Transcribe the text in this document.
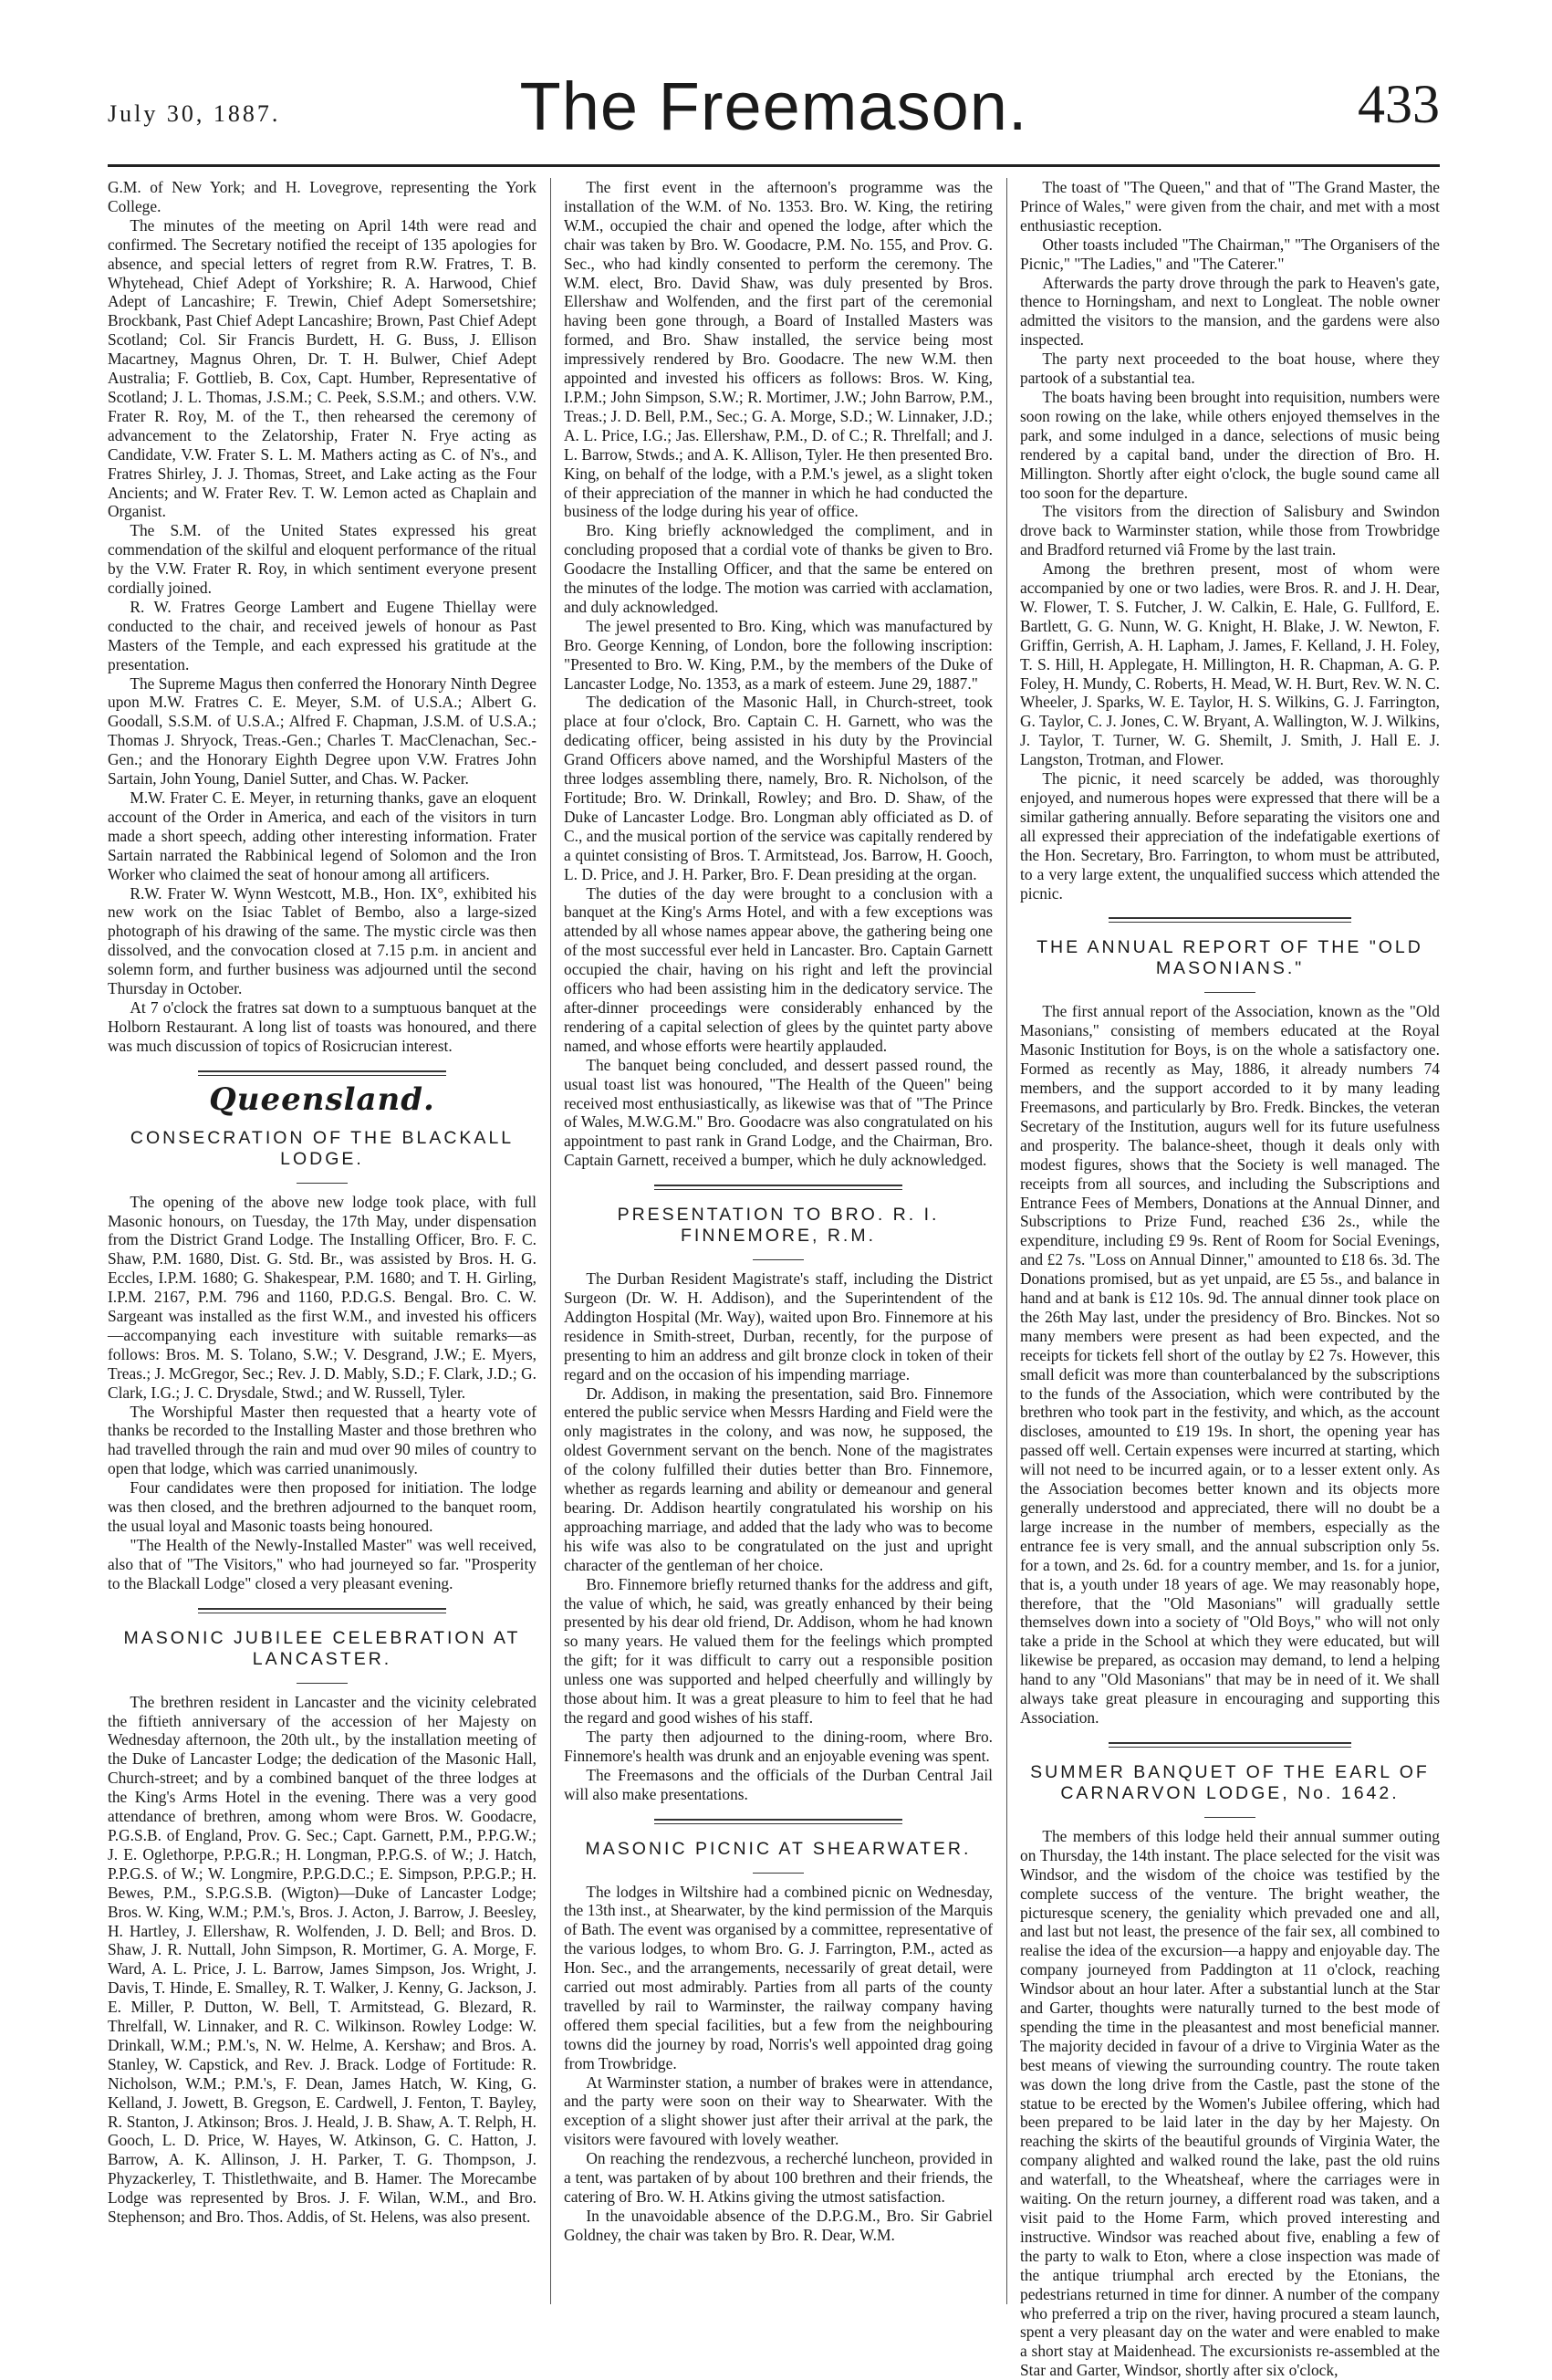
July 30, 1887.	The Freemason.	433

G.M. of New York; and H. Lovegrove, representing the York College.

The minutes of the meeting on April 14th were read and confirmed. The Secretary notified the receipt of 135 apologies for absence, and special letters of regret from R.W. Fratres, T. B. Whytehead, Chief Adept of Yorkshire; R. A. Harwood, Chief Adept of Lancashire; F. Trewin, Chief Adept Somersetshire; Brockbank, Past Chief Adept Lancashire; Brown, Past Chief Adept Scotland; Col. Sir Francis Burdett, H. G. Buss, J. Ellison Macartney, Magnus Ohren, Dr. T. H. Bulwer, Chief Adept Australia; F. Gottlieb, B. Cox, Capt. Humber, Representative of Scotland; J. L. Thomas, J.S.M.; C. Peek, S.S.M.; and others. V.W. Frater R. Roy, M. of the T., then rehearsed the ceremony of advancement to the Zelatorship, Frater N. Frye acting as Candidate, V.W. Frater S. L. M. Mathers acting as C. of N's., and Fratres Shirley, J. J. Thomas, Street, and Lake acting as the Four Ancients; and W. Frater Rev. T. W. Lemon acted as Chaplain and Organist.

The S.M. of the United States expressed his great commendation of the skilful and eloquent performance of the ritual by the V.W. Frater R. Roy, in which sentiment everyone present cordially joined.

R. W. Fratres George Lambert and Eugene Thiellay were conducted to the chair, and received jewels of honour as Past Masters of the Temple, and each expressed his gratitude at the presentation.

The Supreme Magus then conferred the Honorary Ninth Degree upon M.W. Fratres C. E. Meyer, S.M. of U.S.A.; Albert G. Goodall, S.S.M. of U.S.A.; Alfred F. Chapman, J.S.M. of U.S.A.; Thomas J. Shryock, Treas.-Gen.; Charles T. MacClenachan, Sec.-Gen.; and the Honorary Eighth Degree upon V.W. Fratres John Sartain, John Young, Daniel Sutter, and Chas. W. Packer.

M.W. Frater C. E. Meyer, in returning thanks, gave an eloquent account of the Order in America, and each of the visitors in turn made a short speech, adding other interesting information. Frater Sartain narrated the Rabbinical legend of Solomon and the Iron Worker who claimed the seat of honour among all artificers.

R.W. Frater W. Wynn Westcott, M.B., Hon. IX°, exhibited his new work on the Isiac Tablet of Bembo, also a large-sized photograph of his drawing of the same. The mystic circle was then dissolved, and the convocation closed at 7.15 p.m. in ancient and solemn form, and further business was adjourned until the second Thursday in October.

At 7 o'clock the fratres sat down to a sumptuous banquet at the Holborn Restaurant. A long list of toasts was honoured, and there was much discussion of topics of Rosicrucian interest.

Queensland.
CONSECRATION OF THE BLACKALL LODGE.

The opening of the above new lodge took place, with full Masonic honours, on Tuesday, the 17th May, under dispensation from the District Grand Lodge. The Installing Officer, Bro. F. C. Shaw, P.M. 1680, Dist. G. Std. Br., was assisted by Bros. H. G. Eccles, I.P.M. 1680; G. Shakespear, P.M. 1680; and T. H. Girling, I.P.M. 2167, P.M. 796 and 1160, P.D.G.S. Bengal. Bro. C. W. Sargeant was installed as the first W.M., and invested his officers—accompanying each investiture with suitable remarks—as follows: Bros. M. S. Tolano, S.W.; V. Desgrand, J.W.; E. Myers, Treas.; J. McGregor, Sec.; Rev. J. D. Mably, S.D.; F. Clark, J.D.; G. Clark, I.G.; J. C. Drysdale, Stwd.; and W. Russell, Tyler.

The Worshipful Master then requested that a hearty vote of thanks be recorded to the Installing Master and those brethren who had travelled through the rain and mud over 90 miles of country to open that lodge, which was carried unanimously.

Four candidates were then proposed for initiation. The lodge was then closed, and the brethren adjourned to the banquet room, the usual loyal and Masonic toasts being honoured.

"The Health of the Newly-Installed Master" was well received, also that of "The Visitors," who had journeyed so far. "Prosperity to the Blackall Lodge" closed a very pleasant evening.

MASONIC JUBILEE CELEBRATION AT LANCASTER.

The brethren resident in Lancaster and the vicinity celebrated the fiftieth anniversary of the accession of her Majesty on Wednesday afternoon, the 20th ult., by the installation meeting of the Duke of Lancaster Lodge; the dedication of the Masonic Hall, Church-street; and by a combined banquet of the three lodges at the King's Arms Hotel in the evening. There was a very good attendance of brethren, among whom were Bros. W. Goodacre, P.G.S.B. of England, Prov. G. Sec.; Capt. Garnett, P.M., P.P.G.W.; J. E. Oglethorpe, P.P.G.R.; H. Longman, P.P.G.S. of W.; J. Hatch, P.P.G.S. of W.; W. Longmire, P.P.G.D.C.; E. Simpson, P.P.G.P.; H. Bewes, P.M., S.P.G.S.B. (Wigton)—Duke of Lancaster Lodge; Bros. W. King, W.M.; P.M.'s, Bros. J. Acton, J. Barrow, J. Beesley, H. Hartley, J. Ellershaw, R. Wolfenden, J. D. Bell; and Bros. D. Shaw, J. R. Nuttall, John Simpson, R. Mortimer, G. A. Morge, F. Ward, A. L. Price, J. L. Barrow, James Simpson, Jos. Wright, J. Davis, T. Hinde, E. Smalley, R. T. Walker, J. Kenny, G. Jackson, J. E. Miller, P. Dutton, W. Bell, T. Armitstead, G. Blezard, R. Threlfall, W. Linnaker, and R. C. Wilkinson. Rowley Lodge: W. Drinkall, W.M.; P.M.'s, N. W. Helme, A. Kershaw; and Bros. A. Stanley, W. Capstick, and Rev. J. Brack. Lodge of Fortitude: R. Nicholson, W.M.; P.M.'s, F. Dean, James Hatch, W. King, G. Kelland, J. Jowett, B. Gregson, E. Cardwell, J. Fenton, T. Bayley, R. Stanton, J. Atkinson; Bros. J. Heald, J. B. Shaw, A. T. Relph, H. Gooch, L. D. Price, W. Hayes, W. Atkinson, G. C. Hatton, J. Barrow, A. K. Allinson, J. H. Parker, T. G. Thompson, J. Phyzackerley, T. Thistlethwaite, and B. Hamer. The Morecambe Lodge was represented by Bros. J. F. Wilan, W.M., and Bro. Stephenson; and Bro. Thos. Addis, of St. Helens, was also present.

The first event in the afternoon's programme was the installation of the W.M. of No. 1353. Bro. W. King, the retiring W.M., occupied the chair and opened the lodge, after which the chair was taken by Bro. W. Goodacre, P.M. No. 155, and Prov. G. Sec., who had kindly consented to perform the ceremony. The W.M. elect, Bro. David Shaw, was duly presented by Bros. Ellershaw and Wolfenden, and the first part of the ceremonial having been gone through, a Board of Installed Masters was formed, and Bro. Shaw installed, the service being most impressively rendered by Bro. Goodacre. The new W.M. then appointed and invested his officers as follows: Bros. W. King, I.P.M.; John Simpson, S.W.; R. Mortimer, J.W.; John Barrow, P.M., Treas.; J. D. Bell, P.M., Sec.; G. A. Morge, S.D.; W. Linnaker, J.D.; A. L. Price, I.G.; Jas. Ellershaw, P.M., D. of C.; R. Threlfall; and J. L. Barrow, Stwds.; and A. K. Allison, Tyler. He then presented Bro. King, on behalf of the lodge, with a P.M.'s jewel, as a slight token of their appreciation of the manner in which he had conducted the business of the lodge during his year of office.

Bro. King briefly acknowledged the compliment, and in concluding proposed that a cordial vote of thanks be given to Bro. Goodacre the Installing Officer, and that the same be entered on the minutes of the lodge. The motion was carried with acclamation, and duly acknowledged.

The jewel presented to Bro. King, which was manufactured by Bro. George Kenning, of London, bore the following inscription: "Presented to Bro. W. King, P.M., by the members of the Duke of Lancaster Lodge, No. 1353, as a mark of esteem. June 29, 1887."

The dedication of the Masonic Hall, in Church-street, took place at four o'clock, Bro. Captain C. H. Garnett, who was the dedicating officer, being assisted in his duty by the Provincial Grand Officers above named, and the Worshipful Masters of the three lodges assembling there, namely, Bro. R. Nicholson, of the Fortitude; Bro. W. Drinkall, Rowley; and Bro. D. Shaw, of the Duke of Lancaster Lodge. Bro. Longman ably officiated as D. of C., and the musical portion of the service was capitally rendered by a quintet consisting of Bros. T. Armitstead, Jos. Barrow, H. Gooch, L. D. Price, and J. H. Parker, Bro. F. Dean presiding at the organ.

The duties of the day were brought to a conclusion with a banquet at the King's Arms Hotel, and with a few exceptions was attended by all whose names appear above, the gathering being one of the most successful ever held in Lancaster. Bro. Captain Garnett occupied the chair, having on his right and left the provincial officers who had been assisting him in the dedicatory service. The after-dinner proceedings were considerably enhanced by the rendering of a capital selection of glees by the quintet party above named, and whose efforts were heartily applauded.

The banquet being concluded, and dessert passed round, the usual toast list was honoured, "The Health of the Queen" being received most enthusiastically, as likewise was that of "The Prince of Wales, M.W.G.M." Bro. Goodacre was also congratulated on his appointment to past rank in Grand Lodge, and the Chairman, Bro. Captain Garnett, received a bumper, which he duly acknowledged.

PRESENTATION TO BRO. R. I. FINNEMORE, R.M.

The Durban Resident Magistrate's staff, including the District Surgeon (Dr. W. H. Addison), and the Superintendent of the Addington Hospital (Mr. Way), waited upon Bro. Finnemore at his residence in Smith-street, Durban, recently, for the purpose of presenting to him an address and gilt bronze clock in token of their regard and on the occasion of his impending marriage.

Dr. Addison, in making the presentation, said Bro. Finnemore entered the public service when Messrs Harding and Field were the only magistrates in the colony, and was now, he supposed, the oldest Government servant on the bench. None of the magistrates of the colony fulfilled their duties better than Bro. Finnemore, whether as regards learning and ability or demeanour and general bearing. Dr. Addison heartily congratulated his worship on his approaching marriage, and added that the lady who was to become his wife was also to be congratulated on the just and upright character of the gentleman of her choice.

Bro. Finnemore briefly returned thanks for the address and gift, the value of which, he said, was greatly enhanced by their being presented by his dear old friend, Dr. Addison, whom he had known so many years. He valued them for the feelings which prompted the gift; for it was difficult to carry out a responsible position unless one was supported and helped cheerfully and willingly by those about him. It was a great pleasure to him to feel that he had the regard and good wishes of his staff.

The party then adjourned to the dining-room, where Bro. Finnemore's health was drunk and an enjoyable evening was spent.

The Freemasons and the officials of the Durban Central Jail will also make presentations.

MASONIC PICNIC AT SHEARWATER.

The lodges in Wiltshire had a combined picnic on Wednesday, the 13th inst., at Shearwater, by the kind permission of the Marquis of Bath. The event was organised by a committee, representative of the various lodges, to whom Bro. G. J. Farrington, P.M., acted as Hon. Sec., and the arrangements, necessarily of great detail, were carried out most admirably. Parties from all parts of the county travelled by rail to Warminster, the railway company having offered them special facilities, but a few from the neighbouring towns did the journey by road, Norris's well appointed drag going from Trowbridge.

At Warminster station, a number of brakes were in attendance, and the party were soon on their way to Shearwater. With the exception of a slight shower just after their arrival at the park, the visitors were favoured with lovely weather.

On reaching the rendezvous, a recherché luncheon, provided in a tent, was partaken of by about 100 brethren and their friends, the catering of Bro. W. H. Atkins giving the utmost satisfaction.

In the unavoidable absence of the D.P.G.M., Bro. Sir Gabriel Goldney, the chair was taken by Bro. R. Dear, W.M.

The toast of "The Queen," and that of "The Grand Master, the Prince of Wales," were given from the chair, and met with a most enthusiastic reception.

Other toasts included "The Chairman," "The Organisers of the Picnic," "The Ladies," and "The Caterer."

Afterwards the party drove through the park to Heaven's gate, thence to Horningsham, and next to Longleat. The noble owner admitted the visitors to the mansion, and the gardens were also inspected.

The party next proceeded to the boat house, where they partook of a substantial tea.

The boats having been brought into requisition, numbers were soon rowing on the lake, while others enjoyed themselves in the park, and some indulged in a dance, selections of music being rendered by a capital band, under the direction of Bro. H. Millington. Shortly after eight o'clock, the bugle sound came all too soon for the departure.

The visitors from the direction of Salisbury and Swindon drove back to Warminster station, while those from Trowbridge and Bradford returned viâ Frome by the last train.

Among the brethren present, most of whom were accompanied by one or two ladies, were Bros. R. and J. H. Dear, W. Flower, T. S. Futcher, J. W. Calkin, E. Hale, G. Fullford, E. Bartlett, G. G. Nunn, W. G. Knight, H. Blake, J. W. Newton, F. Griffin, Gerrish, A. H. Lapham, J. James, F. Kelland, J. H. Foley, T. S. Hill, H. Applegate, H. Millington, H. R. Chapman, A. G. P. Foley, H. Mundy, C. Roberts, H. Mead, W. H. Burt, Rev. W. N. C. Wheeler, J. Sparks, W. E. Taylor, H. S. Wilkins, G. J. Farrington, G. Taylor, C. J. Jones, C. W. Bryant, A. Wallington, W. J. Wilkins, J. Taylor, T. Turner, W. G. Shemilt, J. Smith, J. Hall E. J. Langston, Trotman, and Flower.

The picnic, it need scarcely be added, was thoroughly enjoyed, and numerous hopes were expressed that there will be a similar gathering annually. Before separating the visitors one and all expressed their appreciation of the indefatigable exertions of the Hon. Secretary, Bro. Farrington, to whom must be attributed, to a very large extent, the unqualified success which attended the picnic.

THE ANNUAL REPORT OF THE "OLD MASONIANS."

The first annual report of the Association, known as the "Old Masonians," consisting of members educated at the Royal Masonic Institution for Boys, is on the whole a satisfactory one. Formed as recently as May, 1886, it already numbers 74 members, and the support accorded to it by many leading Freemasons, and particularly by Bro. Fredk. Binckes, the veteran Secretary of the Institution, augurs well for its future usefulness and prosperity. The balance-sheet, though it deals only with modest figures, shows that the Society is well managed. The receipts from all sources, and including the Subscriptions and Entrance Fees of Members, Donations at the Annual Dinner, and Subscriptions to Prize Fund, reached £36 2s., while the expenditure, including £9 9s. Rent of Room for Social Evenings, and £2 7s. "Loss on Annual Dinner," amounted to £18 6s. 3d. The Donations promised, but as yet unpaid, are £5 5s., and balance in hand and at bank is £12 10s. 9d. The annual dinner took place on the 26th May last, under the presidency of Bro. Binckes. Not so many members were present as had been expected, and the receipts for tickets fell short of the outlay by £2 7s. However, this small deficit was more than counterbalanced by the subscriptions to the funds of the Association, which were contributed by the brethren who took part in the festivity, and which, as the account discloses, amounted to £19 19s. In short, the opening year has passed off well. Certain expenses were incurred at starting, which will not need to be incurred again, or to a lesser extent only. As the Association becomes better known and its objects more generally understood and appreciated, there will no doubt be a large increase in the number of members, especially as the entrance fee is very small, and the annual subscription only 5s. for a town, and 2s. 6d. for a country member, and 1s. for a junior, that is, a youth under 18 years of age. We may reasonably hope, therefore, that the "Old Masonians" will gradually settle themselves down into a society of "Old Boys," who will not only take a pride in the School at which they were educated, but will likewise be prepared, as occasion may demand, to lend a helping hand to any "Old Masonians" that may be in need of it. We shall always take great pleasure in encouraging and supporting this Association.

SUMMER BANQUET OF THE EARL OF CARNARVON LODGE, No. 1642.

The members of this lodge held their annual summer outing on Thursday, the 14th instant. The place selected for the visit was Windsor, and the wisdom of the choice was testified by the complete success of the venture. The bright weather, the picturesque scenery, the geniality which prevaded one and all, and last but not least, the presence of the fair sex, all combined to realise the idea of the excursion—a happy and enjoyable day. The company journeyed from Paddington at 11 o'clock, reaching Windsor about an hour later. After a substantial lunch at the Star and Garter, thoughts were naturally turned to the best mode of spending the time in the pleasantest and most beneficial manner. The majority decided in favour of a drive to Virginia Water as the best means of viewing the surrounding country. The route taken was down the long drive from the Castle, past the stone of the statue to be erected by the Women's Jubilee offering, which had been prepared to be laid later in the day by her Majesty. On reaching the skirts of the beautiful grounds of Virginia Water, the company alighted and walked round the lake, past the old ruins and waterfall, to the Wheatsheaf, where the carriages were in waiting. On the return journey, a different road was taken, and a visit paid to the Home Farm, which proved interesting and instructive. Windsor was reached about five, enabling a few of the party to walk to Eton, where a close inspection was made of the antique triumphal arch erected by the Etonians, the pedestrians returned in time for dinner. A number of the company who preferred a trip on the river, having procured a steam launch, spent a very pleasant day on the water and were enabled to make a short stay at Maidenhead. The excursionists re-assembled at the Star and Garter, Windsor, shortly after six o'clock,
